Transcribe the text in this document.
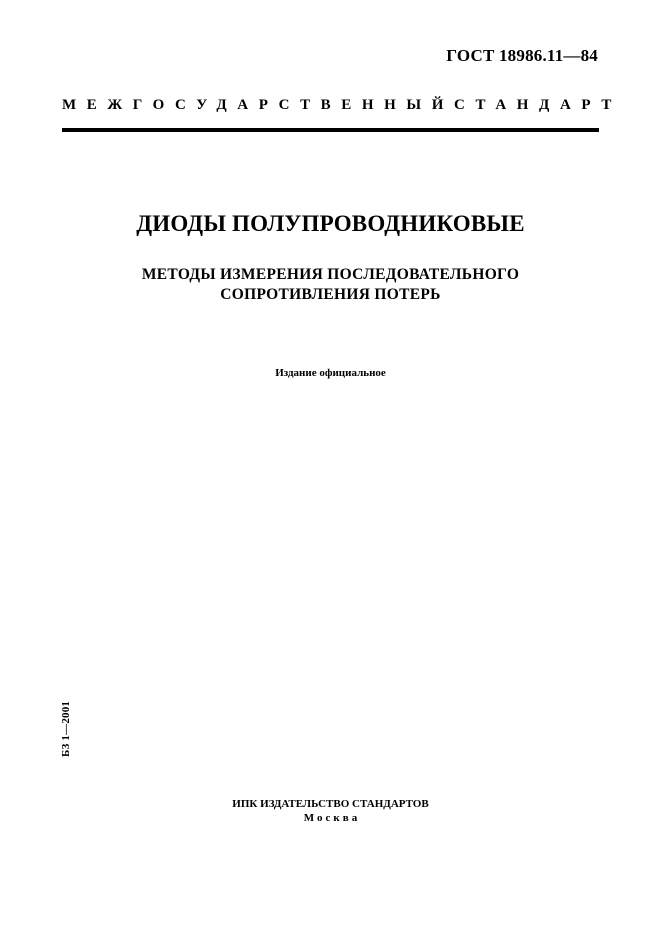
ГОСТ 18986.11—84
МЕЖГОСУДАРСТВЕННЫЙ СТАНДАРТ
ДИОДЫ ПОЛУПРОВОДНИКОВЫЕ
МЕТОДЫ ИЗМЕРЕНИЯ ПОСЛЕДОВАТЕЛЬНОГО
СОПРОТИВЛЕНИЯ ПОТЕРЬ
Издание официальное
БЗ 1—2001
ИПК ИЗДАТЕЛЬСТВО СТАНДАРТОВ
Москва
